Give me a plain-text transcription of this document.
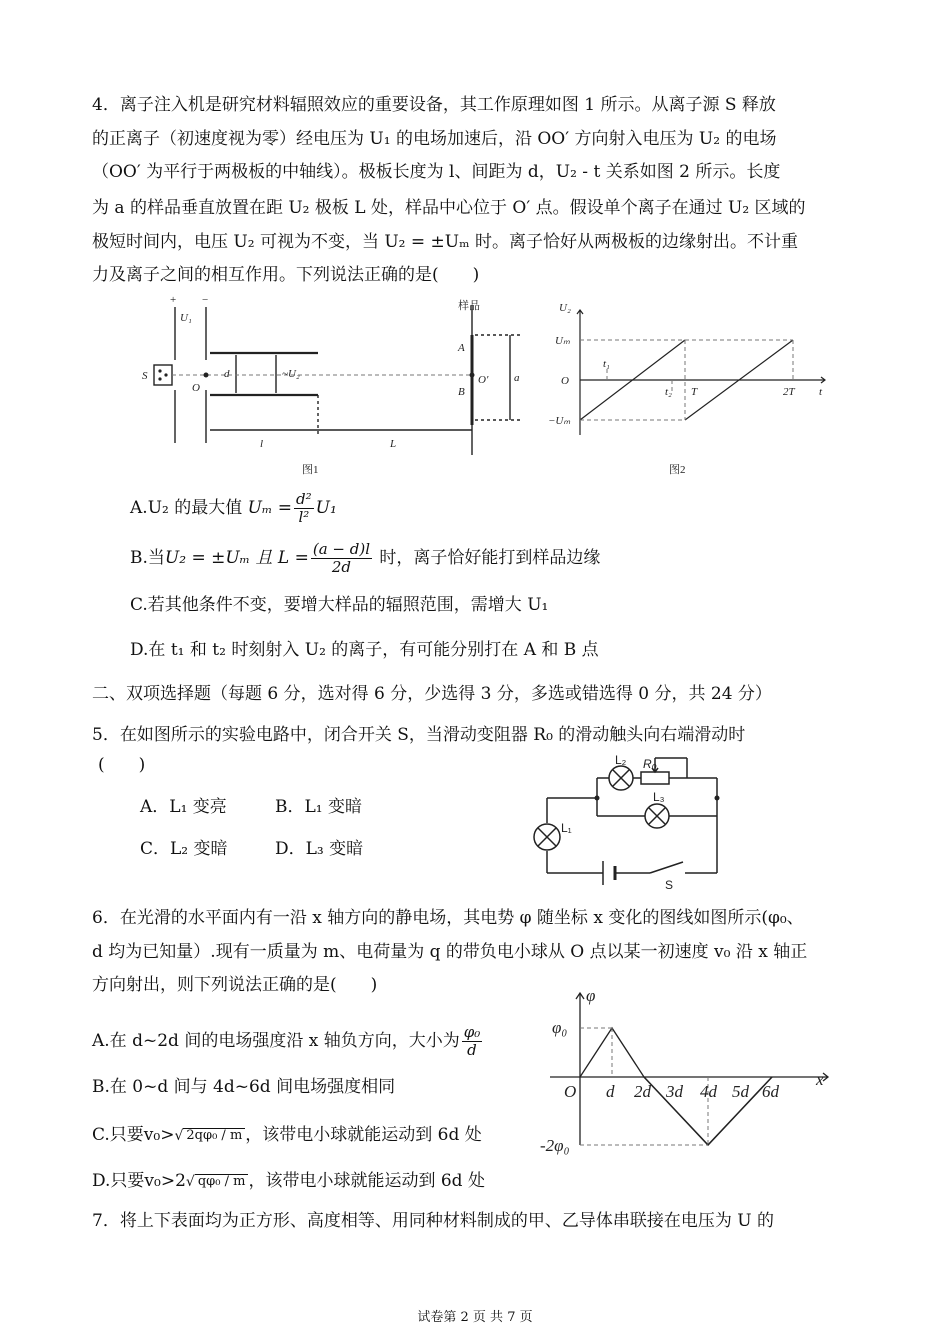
4．离子注入机是研究材料辐照效应的重要设备，其工作原理如图 1 所示。从离子源 S 释放
的正离子（初速度视为零）经电压为 U₁ 的电场加速后，沿 OO′ 方向射入电压为 U₂ 的电场
（OO′ 为平行于两极板的中轴线）。极板长度为 l、间距为 d，U₂ - t 关系如图 2 所示。长度
为 a 的样品垂直放置在距 U₂ 极板 L 处，样品中心位于 O′ 点。假设单个离子在通过 U₂ 区域的
极短时间内，电压 U₂ 可视为不变，当 U₂ = ±Uₘ 时。离子恰好从两极板的边缘射出。不计重
力及离子之间的相互作用。下列说法正确的是(　　)
+ −
U₁
S
O
d	~U₂
样品
A
B
O′ a
l	L
图1
U₂
Uₘ
O
−Uₘ
t₁
t₂ T	2T t
图2
A.U₂ 的最大值 $U_m = \frac{\text{d²}}{\text{l²}} U_1$
B.当U₂ = ±Uₘ 且 $L = \frac{(a - d)l}{2d}$ 时，离子恰好能打到样品边缘
C.若其他条件不变，要增大样品的辐照范围，需增大 U₁
D.在 t₁ 和 t₂ 时刻射入 U₂ 的离子，有可能分别打在 A 和 B 点
二、双项选择题（每题 6 分，选对得 6 分，少选得 3 分，多选或错选得 0 分，共 24 分）
5．在如图所示的实验电路中，闭合开关 S，当滑动变阻器 R₀ 的滑动触头向右端滑动时
(　　)
A．L₁ 变亮	B．L₁ 变暗
C．L₂ 变暗	D．L₃ 变暗
L₂ R₀
L₃
L₁
S
6．在光滑的水平面内有一沿 x 轴方向的静电场，其电势 φ 随坐标 x 变化的图线如图所示(φ₀、
d 均为已知量）.现有一质量为 m、电荷量为 q 的带负电小球从 O 点以某一初速度 v₀ 沿 x 轴正
方向射出，则下列说法正确的是(　　)
A.在 d~2d 间的电场强度沿 x 轴负方向，大小为 $\frac{\text{φ₀}}{d}$
B.在 0~d 间与 4d~6d 间电场强度相同
C.只要v₀>√ 2qφ₀ / m ，该带电小球就能运动到 6d 处
D.只要v₀>2√ qφ₀ / m ，该带电小球就能运动到 6d 处
φ
φ₀
O d 2d 3d 4d 5d 6d
x
-2φ₀
7．将上下表面均为正方形、高度相等、用同种材料制成的甲、乙导体串联接在电压为 U 的
试卷第 2 页 共 7 页
